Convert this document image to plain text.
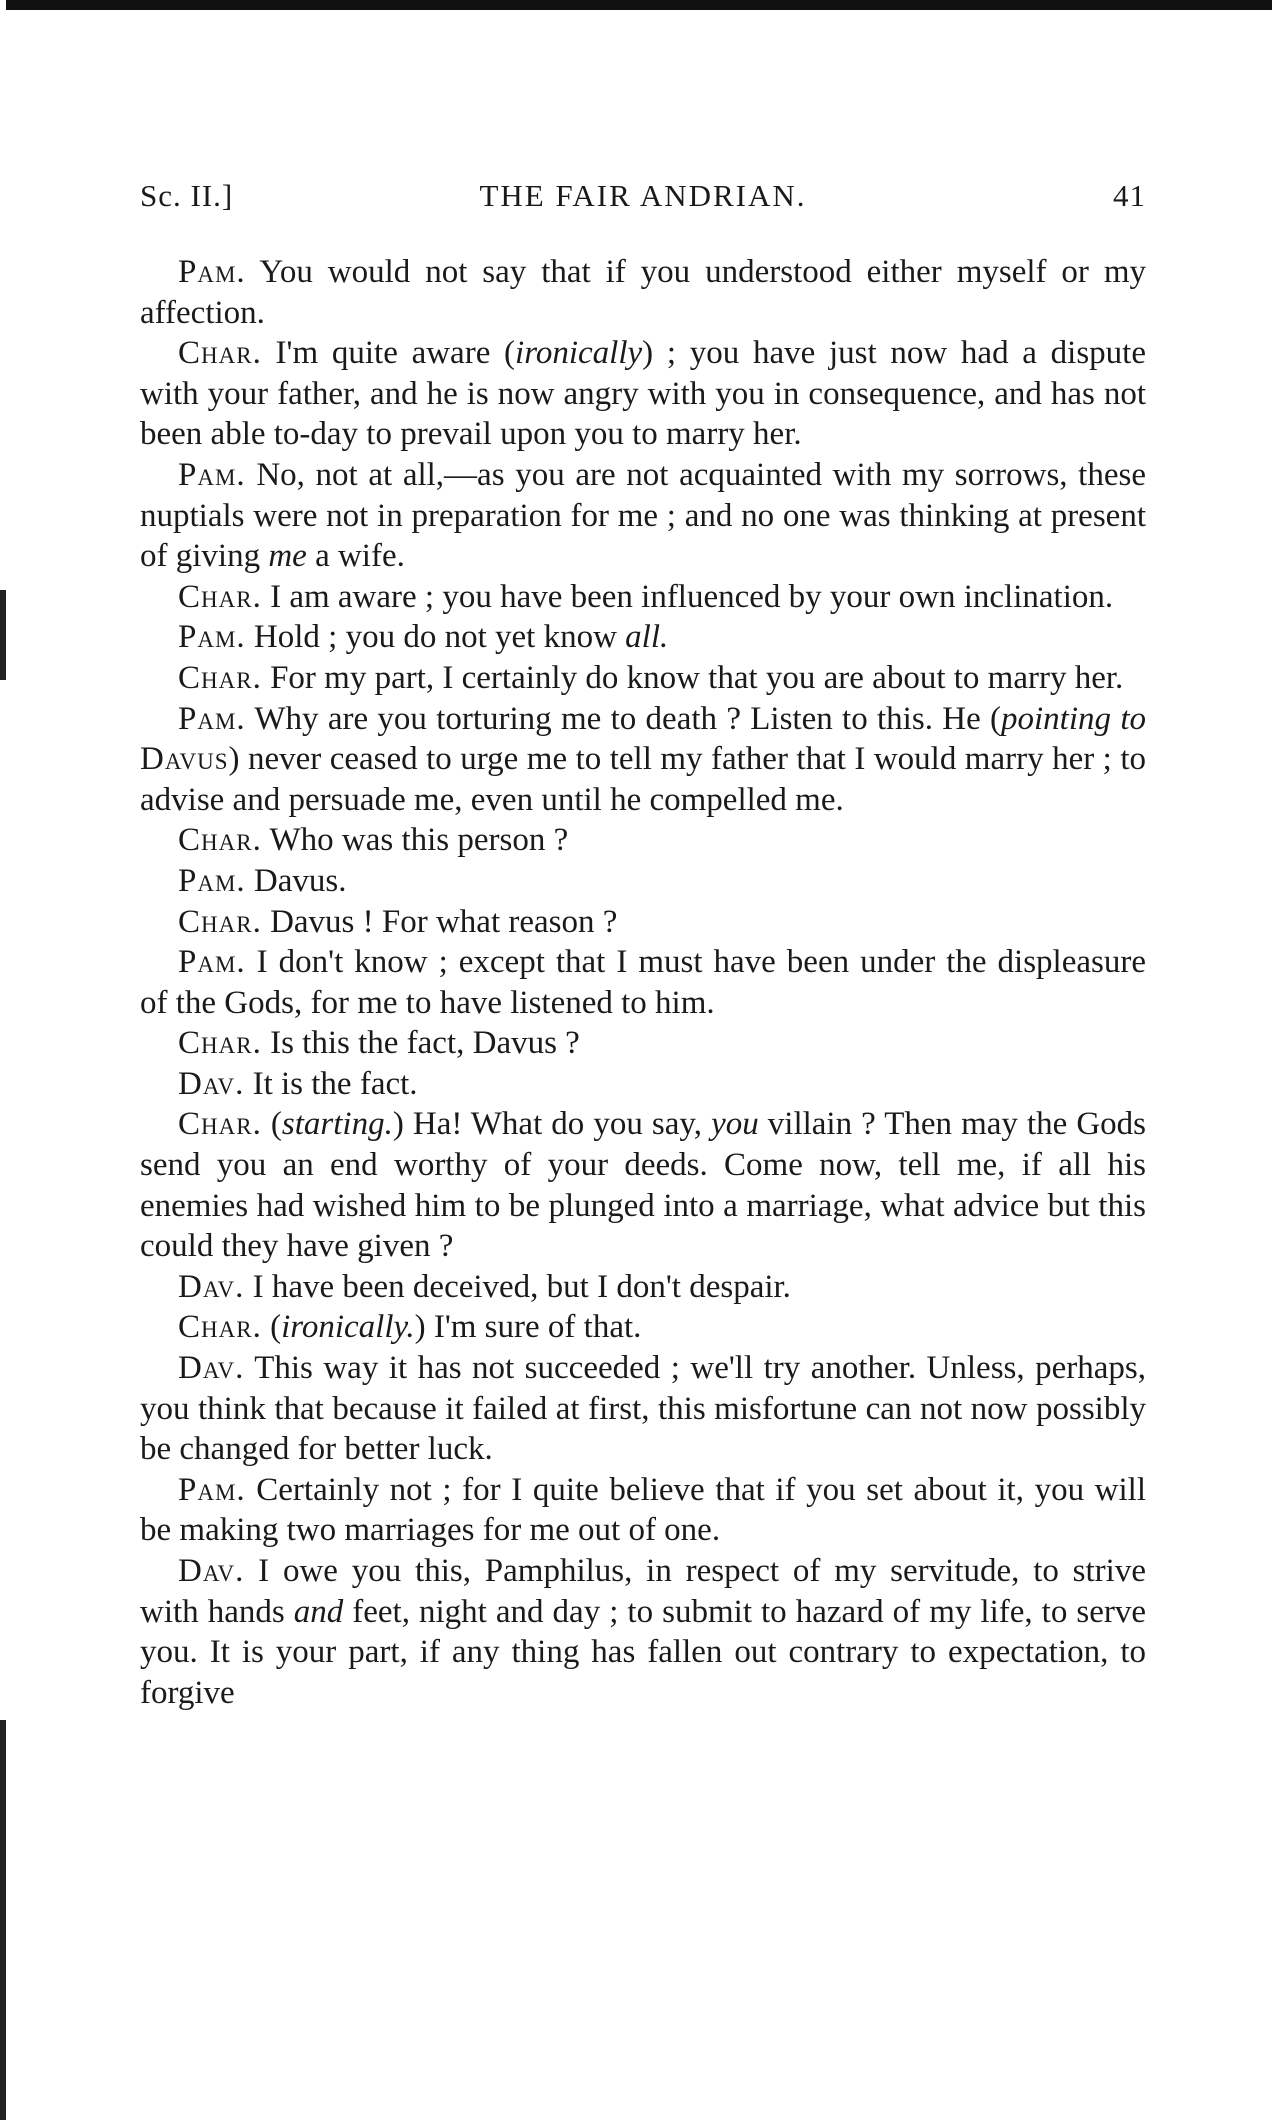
Sc. II.]	THE FAIR ANDRIAN.	41

Pam. You would not say that if you understood either myself or my affection.

Char. I'm quite aware (ironically) ; you have just now had a dispute with your father, and he is now angry with you in consequence, and has not been able to-day to prevail upon you to marry her.

Pam. No, not at all,—as you are not acquainted with my sorrows, these nuptials were not in preparation for me ; and no one was thinking at present of giving me a wife.

Char. I am aware ; you have been influenced by your own inclination.

Pam. Hold ; you do not yet know all.

Char. For my part, I certainly do know that you are about to marry her.

Pam. Why are you torturing me to death ? Listen to this. He (pointing to Davus) never ceased to urge me to tell my father that I would marry her ; to advise and persuade me, even until he compelled me.

Char. Who was this person ?

Pam. Davus.

Char. Davus ! For what reason ?

Pam. I don't know ; except that I must have been under the displeasure of the Gods, for me to have listened to him.

Char. Is this the fact, Davus ?

Dav. It is the fact.

Char. (starting.) Ha! What do you say, you villain ? Then may the Gods send you an end worthy of your deeds. Come now, tell me, if all his enemies had wished him to be plunged into a marriage, what advice but this could they have given ?

Dav. I have been deceived, but I don't despair.

Char. (ironically.) I'm sure of that.

Dav. This way it has not succeeded ; we'll try another. Unless, perhaps, you think that because it failed at first, this misfortune can not now possibly be changed for better luck.

Pam. Certainly not ; for I quite believe that if you set about it, you will be making two marriages for me out of one.

Dav. I owe you this, Pamphilus, in respect of my servitude, to strive with hands and feet, night and day ; to submit to hazard of my life, to serve you. It is your part, if any thing has fallen out contrary to expectation, to forgive
